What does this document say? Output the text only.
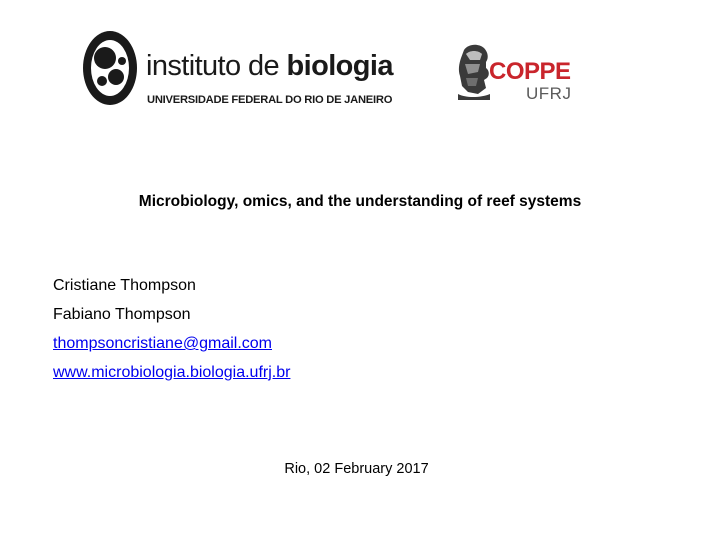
instituto de biologia
UNIVERSIDADE FEDERAL DO RIO DE JANEIRO
COPPE
UFRJ
Microbiology, omics, and the understanding of reef systems
Cristiane Thompson
Fabiano Thompson
thompsoncristiane@gmail.com
www.microbiologia.biologia.ufrj.br
Rio, 02 February 2017
